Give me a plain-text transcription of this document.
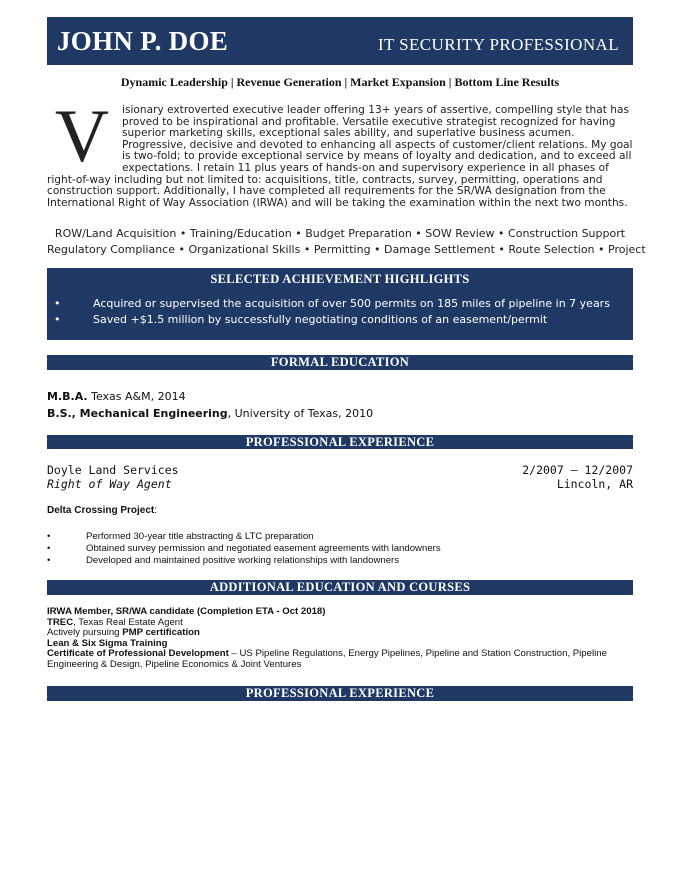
JOHN P. DOE	IT SECURITY PROFESSIONAL
Dynamic Leadership | Revenue Generation | Market Expansion | Bottom Line Results
V	isionary extroverted executive leader offering 13+ years of assertive, compelling style that has proved to be inspirational and profitable. Versatile executive strategist recognized for having superior marketing skills, exceptional sales ability, and superlative business acumen. Progressive, decisive and devoted to enhancing all aspects of customer/client relations. My goal is two-fold; to provide exceptional service by means of loyalty and dedication, and to exceed all expectations. I retain 11 plus years of hands-on and supervisory experience in all phases of right-of-way including but not limited to: acquisitions, title, contracts, survey, permitting, operations and construction support. Additionally, I have completed all requirements for the SR/WA designation from the International Right of Way Association (IRWA) and will be taking the examination within the next two months.
ROW/Land Acquisition • Training/Education • Budget Preparation • SOW Review • Construction Support
Regulatory Compliance • Organizational Skills • Permitting • Damage Settlement • Route Selection • Project
SELECTED ACHIEVEMENT HIGHLIGHTS
•	Acquired or supervised the acquisition of over 500 permits on 185 miles of pipeline in 7 years
•	Saved +$1.5 million by successfully negotiating conditions of an easement/permit
FORMAL EDUCATION
M.B.A. Texas A&M, 2014
B.S., Mechanical Engineering, University of Texas, 2010
PROFESSIONAL EXPERIENCE
Doyle Land Services	2/2007 – 12/2007
Right of Way Agent	Lincoln, AR
Delta Crossing Project:
•	Performed 30-year title abstracting & LTC preparation
•	Obtained survey permission and negotiated easement agreements with landowners
•	Developed and maintained positive working relationships with landowners
ADDITIONAL EDUCATION AND COURSES
IRWA Member, SR/WA candidate (Completion ETA - Oct 2018)
TREC, Texas Real Estate Agent
Actively pursuing PMP certification
Lean & Six Sigma Training
Certificate of Professional Development – US Pipeline Regulations, Energy Pipelines, Pipeline and Station Construction, Pipeline Engineering & Design, Pipeline Economics & Joint Ventures
PROFESSIONAL EXPERIENCE
